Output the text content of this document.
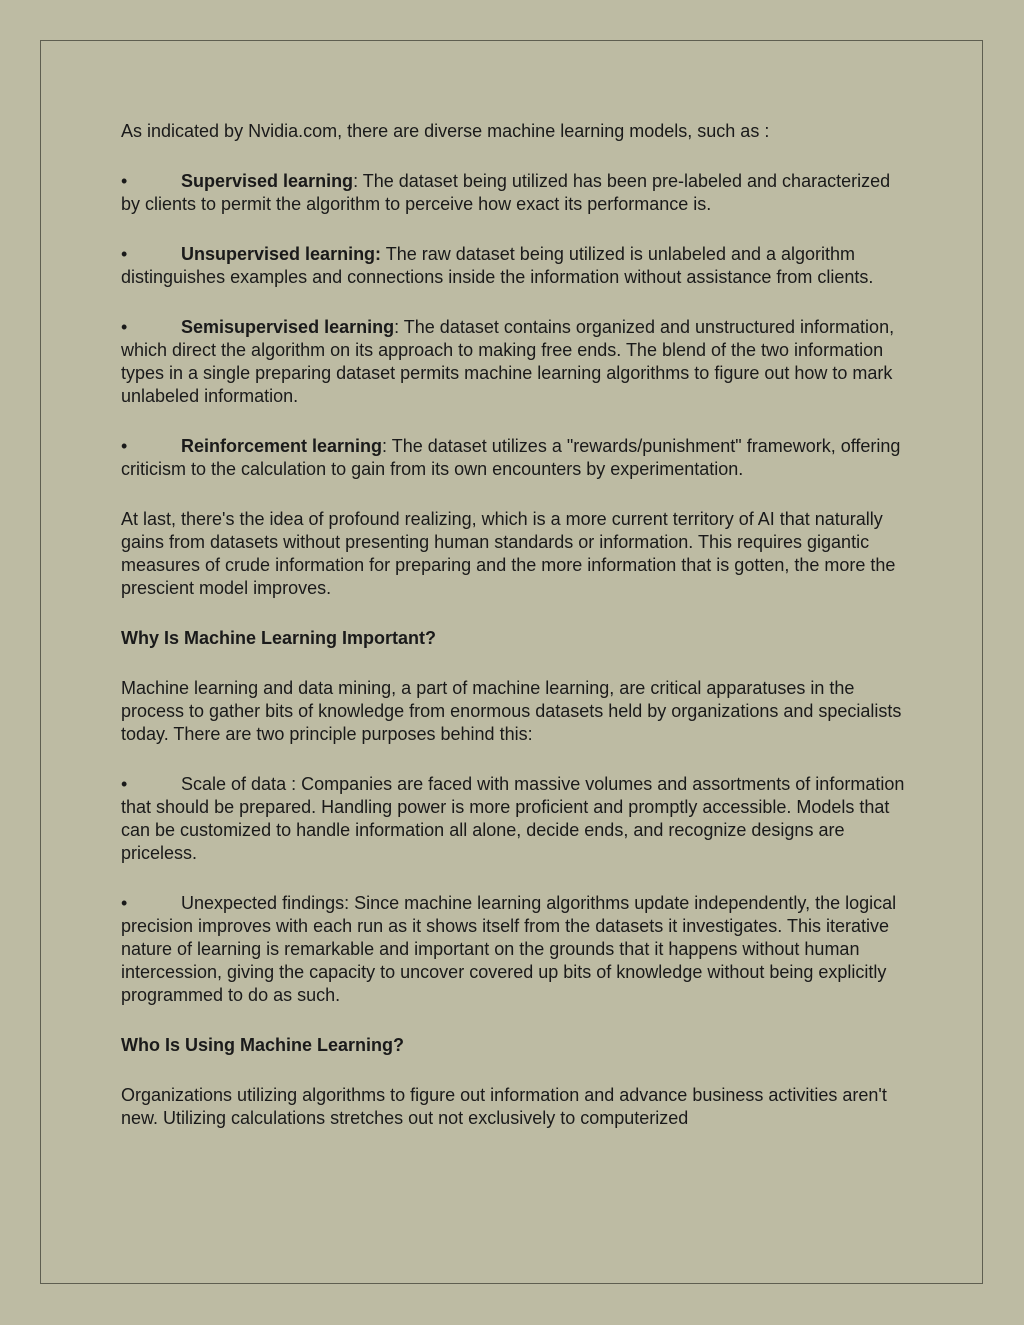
As indicated by Nvidia.com, there are diverse machine learning models, such as :

•	Supervised learning: The dataset being utilized has been pre-labeled and characterized by clients to permit the algorithm to perceive how exact its performance is.
•	Unsupervised learning: The raw dataset being utilized is unlabeled and a algorithm distinguishes examples and connections inside the information without assistance from clients.
•	Semisupervised learning: The dataset contains organized and unstructured information, which direct the algorithm on its approach to making free ends. The blend of the two information types in a single preparing dataset permits machine learning algorithms to figure out how to mark unlabeled information.
•	Reinforcement learning: The dataset utilizes a "rewards/punishment" framework, offering criticism to the calculation to gain from its own encounters by experimentation.

At last, there's the idea of profound realizing, which is a more current territory of AI that naturally gains from datasets without presenting human standards or information. This requires gigantic measures of crude information for preparing and the more information that is gotten, the more the prescient model improves.

Why Is Machine Learning Important?

Machine learning and data mining, a part of machine learning, are critical apparatuses in the process to gather bits of knowledge from enormous datasets held by organizations and specialists today. There are two principle purposes behind this:

•	Scale of data : Companies are faced with massive volumes and assortments of information that should be prepared. Handling power is more proficient and promptly accessible. Models that can be customized to handle information all alone, decide ends, and recognize designs are priceless.
•	Unexpected findings: Since machine learning algorithms update independently, the logical precision improves with each run as it shows itself from the datasets it investigates. This iterative nature of learning is remarkable and important on the grounds that it happens without human intercession, giving the capacity to uncover covered up bits of knowledge without being explicitly programmed to do as such.
Who Is Using Machine Learning?

Organizations utilizing algorithms to figure out information and advance business activities aren't new. Utilizing calculations stretches out not exclusively to computerized
